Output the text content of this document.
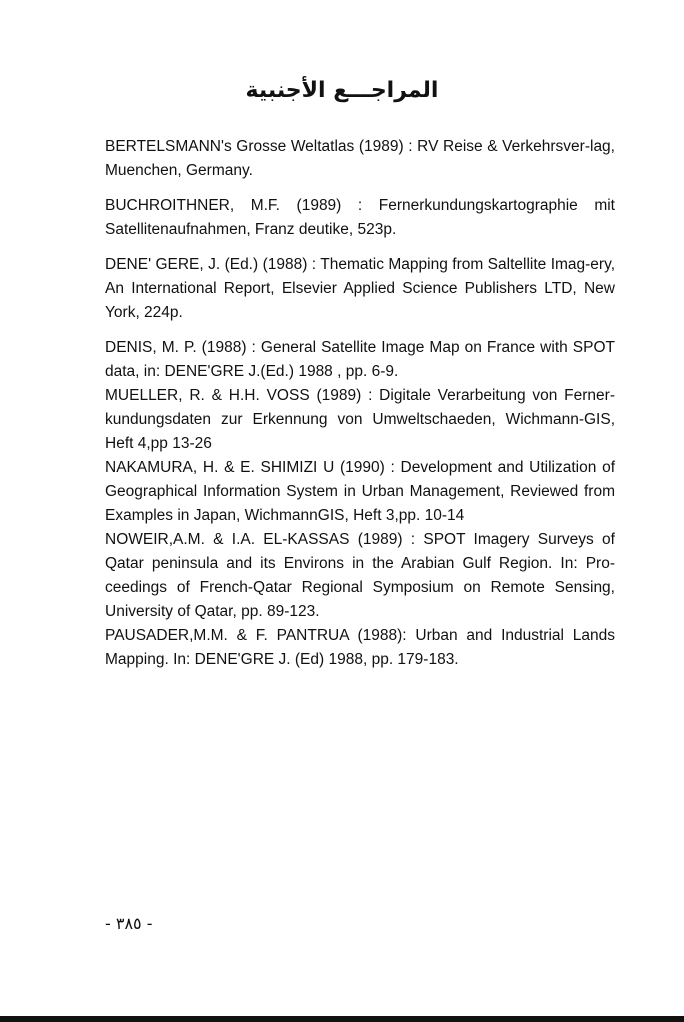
المراجـــع الأجنبية

BERTELSMANN's Grosse Weltatlas (1989) : RV Reise & Verkehrsver-lag, Muenchen, Germany.

BUCHROITHNER, M.F. (1989) : Fernerkundungskartographie mit Satellitenaufnahmen, Franz deutike, 523p.

DENE' GERE, J. (Ed.) (1988) : Thematic Mapping from Saltellite Imag-ery, An International Report, Elsevier Applied Science Publishers LTD, New York, 224p.

DENIS, M. P. (1988) : General Satellite Image Map on France with SPOT data, in: DENE'GRE J.(Ed.) 1988 , pp. 6-9.

MUELLER, R. & H.H. VOSS (1989) : Digitale Verarbeitung von Ferner-kundungsdaten zur Erkennung von Umweltschaeden, Wichmann-GIS, Heft 4,pp 13-26

NAKAMURA, H. & E. SHIMIZI U (1990) : Development and Utilization of Geographical Information System in Urban Management, Reviewed from Examples in Japan, WichmannGIS, Heft 3,pp. 10-14

NOWEIR,A.M. & I.A. EL-KASSAS (1989) : SPOT Imagery Surveys of Qatar peninsula and its Environs in the Arabian Gulf Region. In: Pro-ceedings of French-Qatar Regional Symposium on Remote Sensing, University of Qatar, pp. 89-123.

PAUSADER,M.M. & F. PANTRUA (1988): Urban and Industrial Lands Mapping. In: DENE'GRE J. (Ed) 1988, pp. 179-183.

- ٣٨٥ -
